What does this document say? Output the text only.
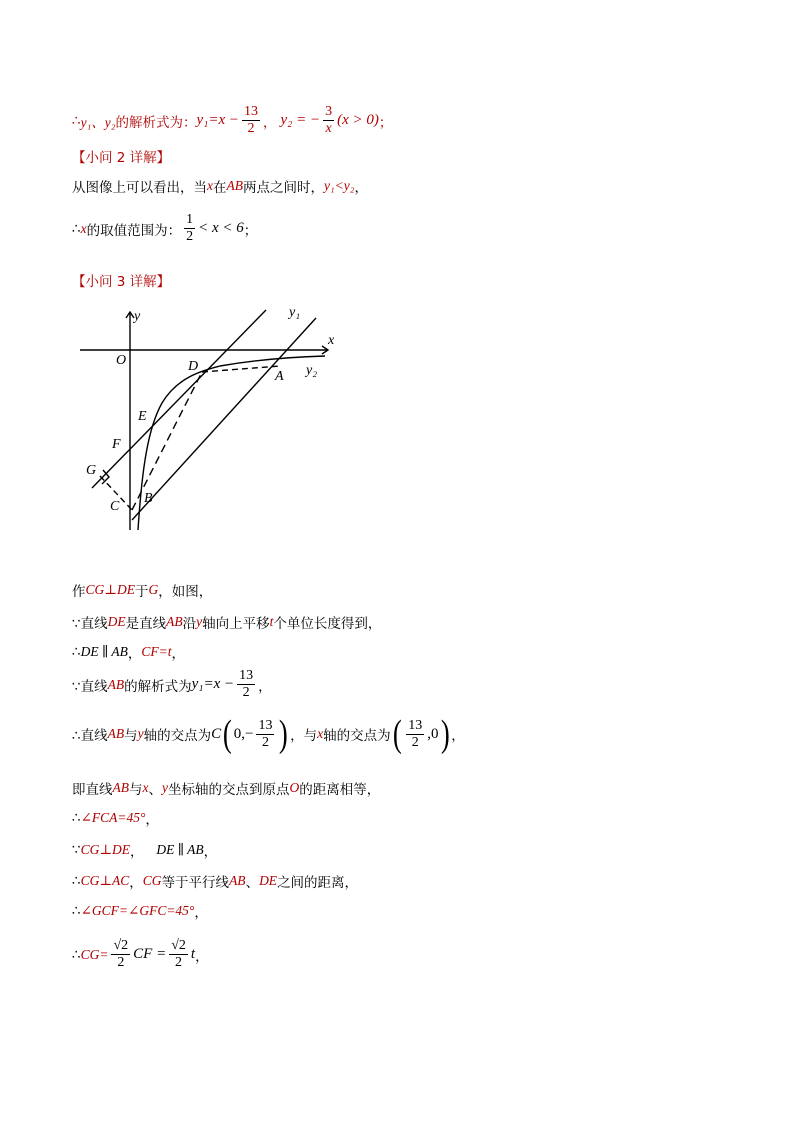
∴ y₁、y₂ 的解析式为： $y_1=x - \frac{13}{2}$ ， y₂ = − $\frac{3}{x} (x > 0)$ ；
【小问 2 详解】
从图像上可以看出，当 x 在 AB 两点之间时， y₁<y₂ ，
∴ x 的取值范围为： $\frac{1}{2} < x < 6$ ；
【小问 3 详解】
y
x
O	D
A
y₁
y₂
E
F
G
C
B
作 CG⊥DE 于 G ，如图，
∵直线 DE 是直线 AB 沿 y 轴向上平移 t 个单位长度得到，
∴ DE ∥ AB ， CF=t ，
∵直线 AB 的解析式为 $y_1=x - \frac{13}{2}$ ，
∴直线 AB 与 y 轴的交点为 C ( $0,- \frac{13}{2}$ ) ，与 x 轴的交点为 ( $\frac{13}{2} ,0$ ) ，
即直线 AB 与 x 、 y 坐标轴的交点到原点 O 的距离相等，
∴ ∠FCA=45° ，
∵ CG⊥DE ， DE ∥ AB ，
∴ CG⊥AC ， CG 等于平行线 AB 、 DE 之间的距离，
∴ ∠GCF=∠GFC=45° ，
∴ $CG= \frac{√2}{2}$ CF = $\frac{√2}{2}$ t ，
